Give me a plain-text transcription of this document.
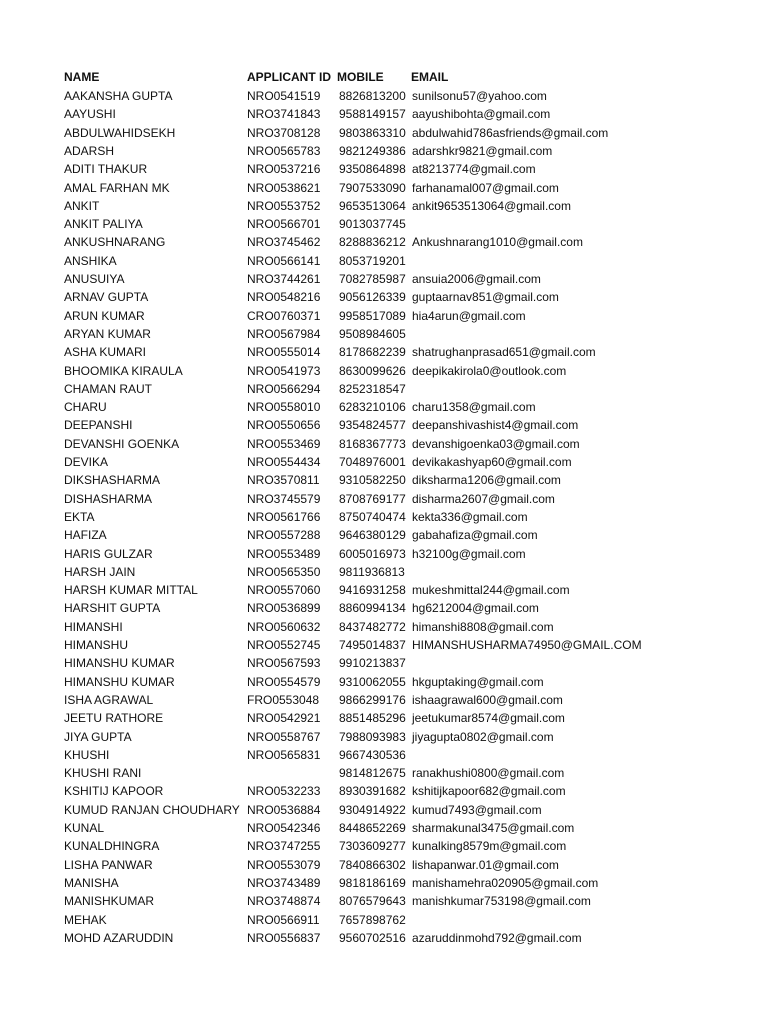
NAME	APPLICANT ID MOBILE EMAIL
AAKANSHA GUPTA	NRO0541519 8826813200 sunilsonu57@yahoo.com
AAYUSHI	NRO3741843 9588149157 aayushibohta@gmail.com
ABDULWAHIDSEKH	NRO3708128 9803863310 abdulwahid786asfriends@gmail.com
ADARSH	NRO0565783 9821249386 adarshkr9821@gmail.com
ADITI THAKUR	NRO0537216 9350864898 at8213774@gmail.com
AMAL FARHAN MK	NRO0538621 7907533090 farhanamal007@gmail.com
ANKIT	NRO0553752 9653513064 ankit9653513064@gmail.com
ANKIT PALIYA	NRO0566701 9013037745
ANKUSHNARANG	NRO3745462 8288836212 Ankushnarang1010@gmail.com
ANSHIKA	NRO0566141 8053719201
ANUSUIYA	NRO3744261 7082785987 ansuia2006@gmail.com
ARNAV GUPTA	NRO0548216 9056126339 guptaarnav851@gmail.com
ARUN KUMAR	CRO0760371 9958517089 hia4arun@gmail.com
ARYAN KUMAR	NRO0567984 9508984605
ASHA KUMARI	NRO0555014 8178682239 shatrughanprasad651@gmail.com
BHOOMIKA KIRAULA	NRO0541973 8630099626 deepikakirola0@outlook.com
CHAMAN RAUT	NRO0566294 8252318547
CHARU	NRO0558010 6283210106 charu1358@gmail.com
DEEPANSHI	NRO0550656 9354824577 deepanshivashist4@gmail.com
DEVANSHI GOENKA	NRO0553469 8168367773 devanshigoenka03@gmail.com
DEVIKA	NRO0554434 7048976001 devikakashyap60@gmail.com
DIKSHASHARMA	NRO3570811 9310582250 diksharma1206@gmail.com
DISHASHARMA	NRO3745579 8708769177 disharma2607@gmail.com
EKTA	NRO0561766 8750740474 kekta336@gmail.com
HAFIZA	NRO0557288 9646380129 gabahafiza@gmail.com
HARIS GULZAR	NRO0553489 6005016973 h32100g@gmail.com
HARSH JAIN	NRO0565350 9811936813
HARSH KUMAR MITTAL	NRO0557060 9416931258 mukeshmittal244@gmail.com
HARSHIT GUPTA	NRO0536899 8860994134 hg6212004@gmail.com
HIMANSHI	NRO0560632 8437482772 himanshi8808@gmail.com
HIMANSHU	NRO0552745 7495014837 HIMANSHUSHARMA74950@GMAIL.COM
HIMANSHU KUMAR	NRO0567593 9910213837
HIMANSHU KUMAR	NRO0554579 9310062055 hkguptaking@gmail.com
ISHA AGRAWAL	FRO0553048 9866299176 ishaagrawal600@gmail.com
JEETU RATHORE	NRO0542921 8851485296 jeetukumar8574@gmail.com
JIYA GUPTA	NRO0558767 7988093983 jiyagupta0802@gmail.com
KHUSHI	NRO0565831 9667430536
KHUSHI RANI	9814812675 ranakhushi0800@gmail.com
KSHITIJ KAPOOR	NRO0532233 8930391682 kshitijkapoor682@gmail.com
KUMUD RANJAN CHOUDHARY NRO0536884 9304914922 kumud7493@gmail.com
KUNAL	NRO0542346 8448652269 sharmakunal3475@gmail.com
KUNALDHINGRA	NRO3747255 7303609277 kunalking8579m@gmail.com
LISHA PANWAR	NRO0553079 7840866302 lishapanwar.01@gmail.com
MANISHA	NRO3743489 9818186169 manishamehra020905@gmail.com
MANISHKUMAR	NRO3748874 8076579643 manishkumar753198@gmail.com
MEHAK	NRO0566911 7657898762
MOHD AZARUDDIN	NRO0556837 9560702516 azaruddinmohd792@gmail.com
